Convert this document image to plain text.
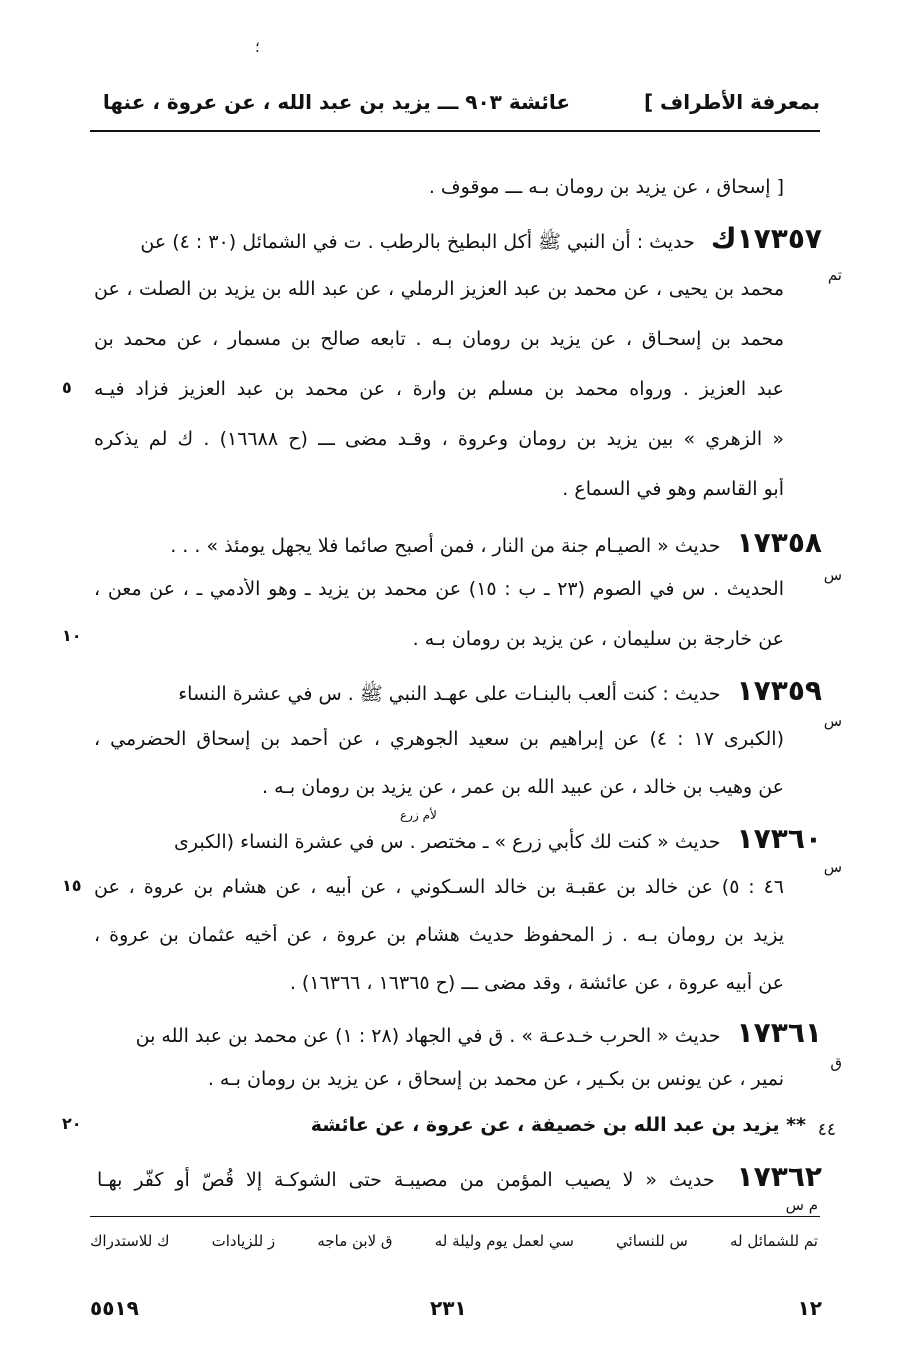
؛
بمعرفة الأطراف ]
عائشة ٩٠٣ ـــ يزيد بن عبد الله ، عن عروة ، عنها
[ إسحاق ، عن يزيد بن رومان بـه ـــ موقوف .
١٧٣٥٧ك حديث : أن النبي ﷺ أكل البطيخ بالرطب . ت في الشمائل (٣٠ : ٤) عن
تم
محمد بن يحيى ، عن محمد بن عبد العزيز الرملي ، عن عبد الله بن يزيد بن الصلت ، عن
محمد بن إسحـاق ، عن يزيد بن رومان بـه . تابعه صالح بن مسمار ، عن محمد بن
عبد العزيز . ورواه محمد بن مسلم بن وارة ، عن محمد بن عبد العزيز فزاد فيـه
« الزهري » بين يزيد بن رومان وعروة ، وقـد مضى ـــ (ح ١٦٦٨٨) . ك لم يذكره
أبو القاسم وهو في السماع .
١٧٣٥٨ حديث « الصيـام جنة من النار ، فمن أصبح صائما فلا يجهل يومئذ » . . .
س
الحديث . س في الصوم (٢٣ ـ ب : ١٥) عن محمد بن يزيد ـ وهو الأدمي ـ ، عن معن ،
عن خارجة بن سليمان ، عن يزيد بن رومان بـه .
١٧٣٥٩ حديث : كنت ألعب بالبنـات على عهـد النبي ﷺ . س في عشرة النساء
س
(الكبرى ١٧ : ٤) عن إبراهيم بن سعيد الجوهري ، عن أحمد بن إسحاق الحضرمي ،
عن وهيب بن خالد ، عن عبيد الله بن عمر ، عن يزيد بن رومان بـه .
لأم زرع
١٧٣٦٠ حديث « كنت لك كأبي زرع » ـ مختصر . س في عشرة النساء (الكبرى
س
٤٦ : ٥) عن خالد بن عقبـة بن خالد السـكوني ، عن أبيه ، عن هشام بن عروة ، عن
يزيد بن رومان بـه . ز المحفوظ حديث هشام بن عروة ، عن أخيه عثمان بن عروة ،
عن أبيه عروة ، عن عائشة ، وقد مضى ـــ (ح ١٦٣٦٥ ، ١٦٣٦٦) .
١٧٣٦١ حديث « الحرب خـدعـة » . ق في الجهاد (٢٨ : ١) عن محمد بن عبد الله بن
ق
نمير ، عن يونس بن بكـير ، عن محمد بن إسحاق ، عن يزيد بن رومان بـه .
٤٤
** يزيد بن عبد الله بن خصيفة ، عن عروة ، عن عائشة
١٧٣٦٢ حديث « لا يصيب المؤمن من مصيبـة حتى الشوكـة إلا قُصّ أو كفّر بهـا
م س
٥
١٠
١٥
٢٠
تم للشمائل له
س للنسائي
سي لعمل يوم وليلة له
ق لابن ماجه
ز للزيادات
ك للاستدراك
٥٥١٩	٢٣١	١٢
